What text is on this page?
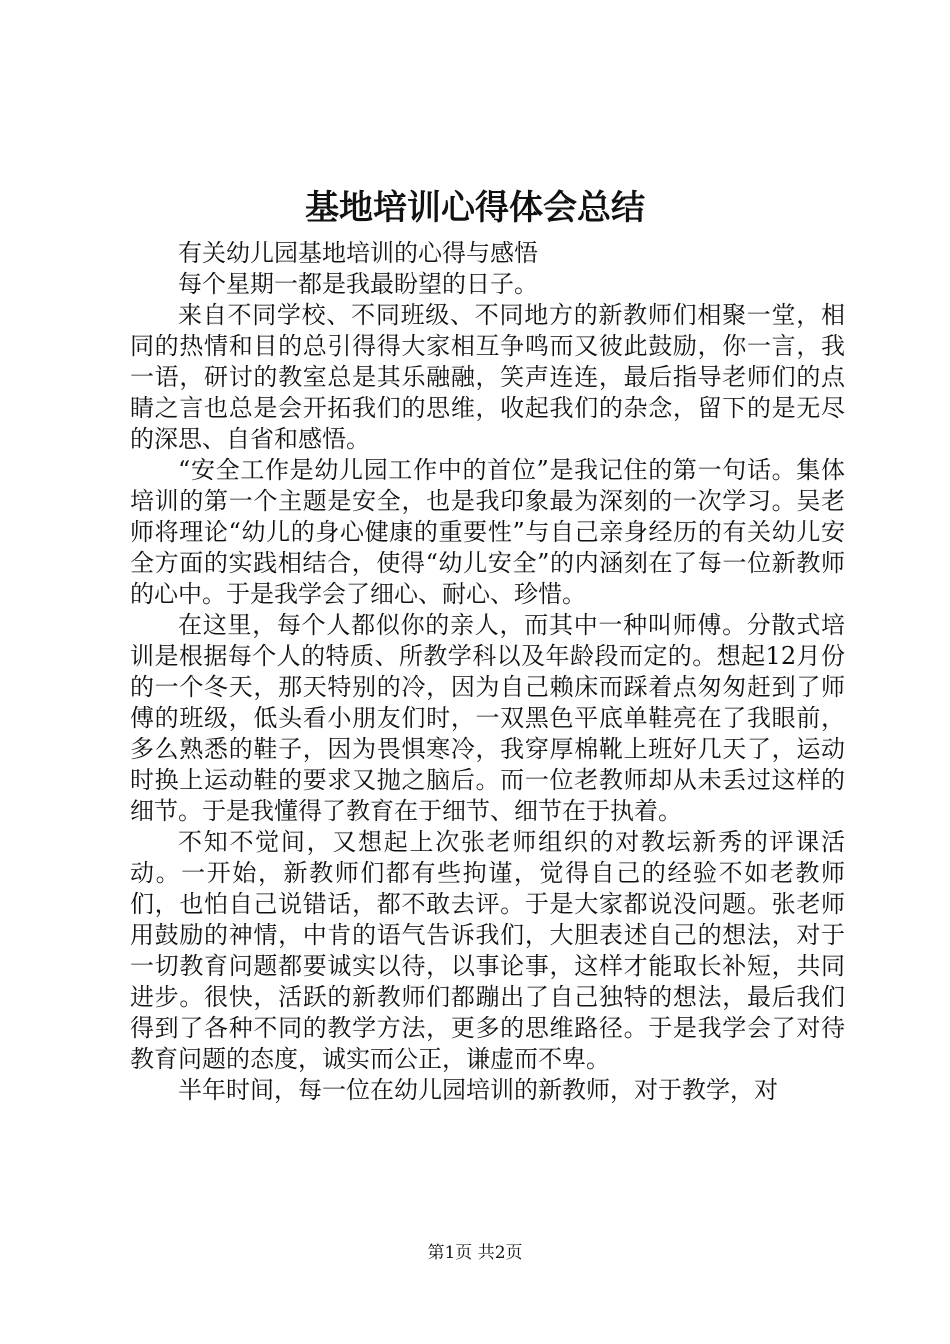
基地培训心得体会总结

有关幼儿园基地培训的心得与感悟

每个星期一都是我最盼望的日子。

来自不同学校、不同班级、不同地方的新教师们相聚一堂，相同的热情和目的总引得得大家相互争鸣而又彼此鼓励，你一言，我一语，研讨的教室总是其乐融融，笑声连连，最后指导老师们的点睛之言也总是会开拓我们的思维，收起我们的杂念，留下的是无尽的深思、自省和感悟。

“安全工作是幼儿园工作中的首位”是我记住的第一句话。集体培训的第一个主题是安全，也是我印象最为深刻的一次学习。吴老师将理论“幼儿的身心健康的重要性”与自己亲身经历的有关幼儿安全方面的实践相结合，使得“幼儿安全”的内涵刻在了每一位新教师的心中。于是我学会了细心、耐心、珍惜。

在这里，每个人都似你的亲人，而其中一种叫师傅。分散式培训是根据每个人的特质、所教学科以及年龄段而定的。想起12月份的一个冬天，那天特别的冷，因为自己赖床而踩着点匆匆赶到了师傅的班级，低头看小朋友们时，一双黑色平底单鞋亮在了我眼前，多么熟悉的鞋子，因为畏惧寒冷，我穿厚棉靴上班好几天了，运动时换上运动鞋的要求又抛之脑后。而一位老教师却从未丢过这样的细节。于是我懂得了教育在于细节、细节在于执着。

不知不觉间，又想起上次张老师组织的对教坛新秀的评课活动。一开始，新教师们都有些拘谨，觉得自己的经验不如老教师们，也怕自己说错话，都不敢去评。于是大家都说没问题。张老师用鼓励的神情，中肯的语气告诉我们，大胆表述自己的想法，对于一切教育问题都要诚实以待，以事论事，这样才能取长补短，共同进步。很快，活跃的新教师们都蹦出了自己独特的想法，最后我们得到了各种不同的教学方法，更多的思维路径。于是我学会了对待教育问题的态度，诚实而公正，谦虚而不卑。

半年时间，每一位在幼儿园培训的新教师，对于教学，对

第1页 共2页
